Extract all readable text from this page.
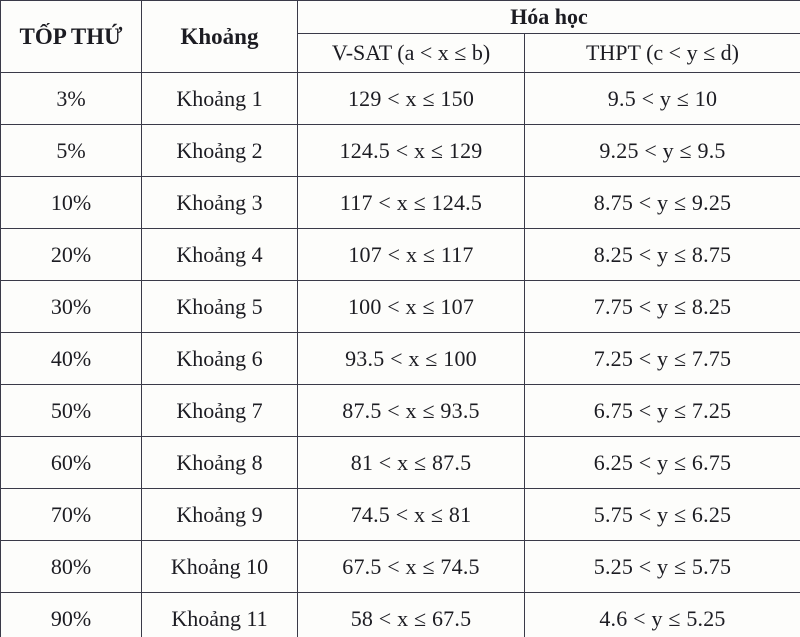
TỐP THỨ	Khoảng	Hóa học	
		V-SAT (a < x ≤ b)	THPT (c < y ≤ d)
3%	Khoảng 1	129 < x ≤ 150	9.5 < y ≤ 10
5%	Khoảng 2	124.5 < x ≤ 129	9.25 < y ≤ 9.5
10%	Khoảng 3	117 < x ≤ 124.5	8.75 < y ≤ 9.25
20%	Khoảng 4	107 < x ≤ 117	8.25 < y ≤ 8.75
30%	Khoảng 5	100 < x ≤ 107	7.75 < y ≤ 8.25
40%	Khoảng 6	93.5 < x ≤ 100	7.25 < y ≤ 7.75
50%	Khoảng 7	87.5 < x ≤ 93.5	6.75 < y ≤ 7.25
60%	Khoảng 8	81 < x ≤ 87.5	6.25 < y ≤ 6.75
70%	Khoảng 9	74.5 < x ≤ 81	5.75 < y ≤ 6.25
80%	Khoảng 10	67.5 < x ≤ 74.5	5.25 < y ≤ 5.75
90%	Khoảng 11	58 < x ≤ 67.5	4.6 < y ≤ 5.25
